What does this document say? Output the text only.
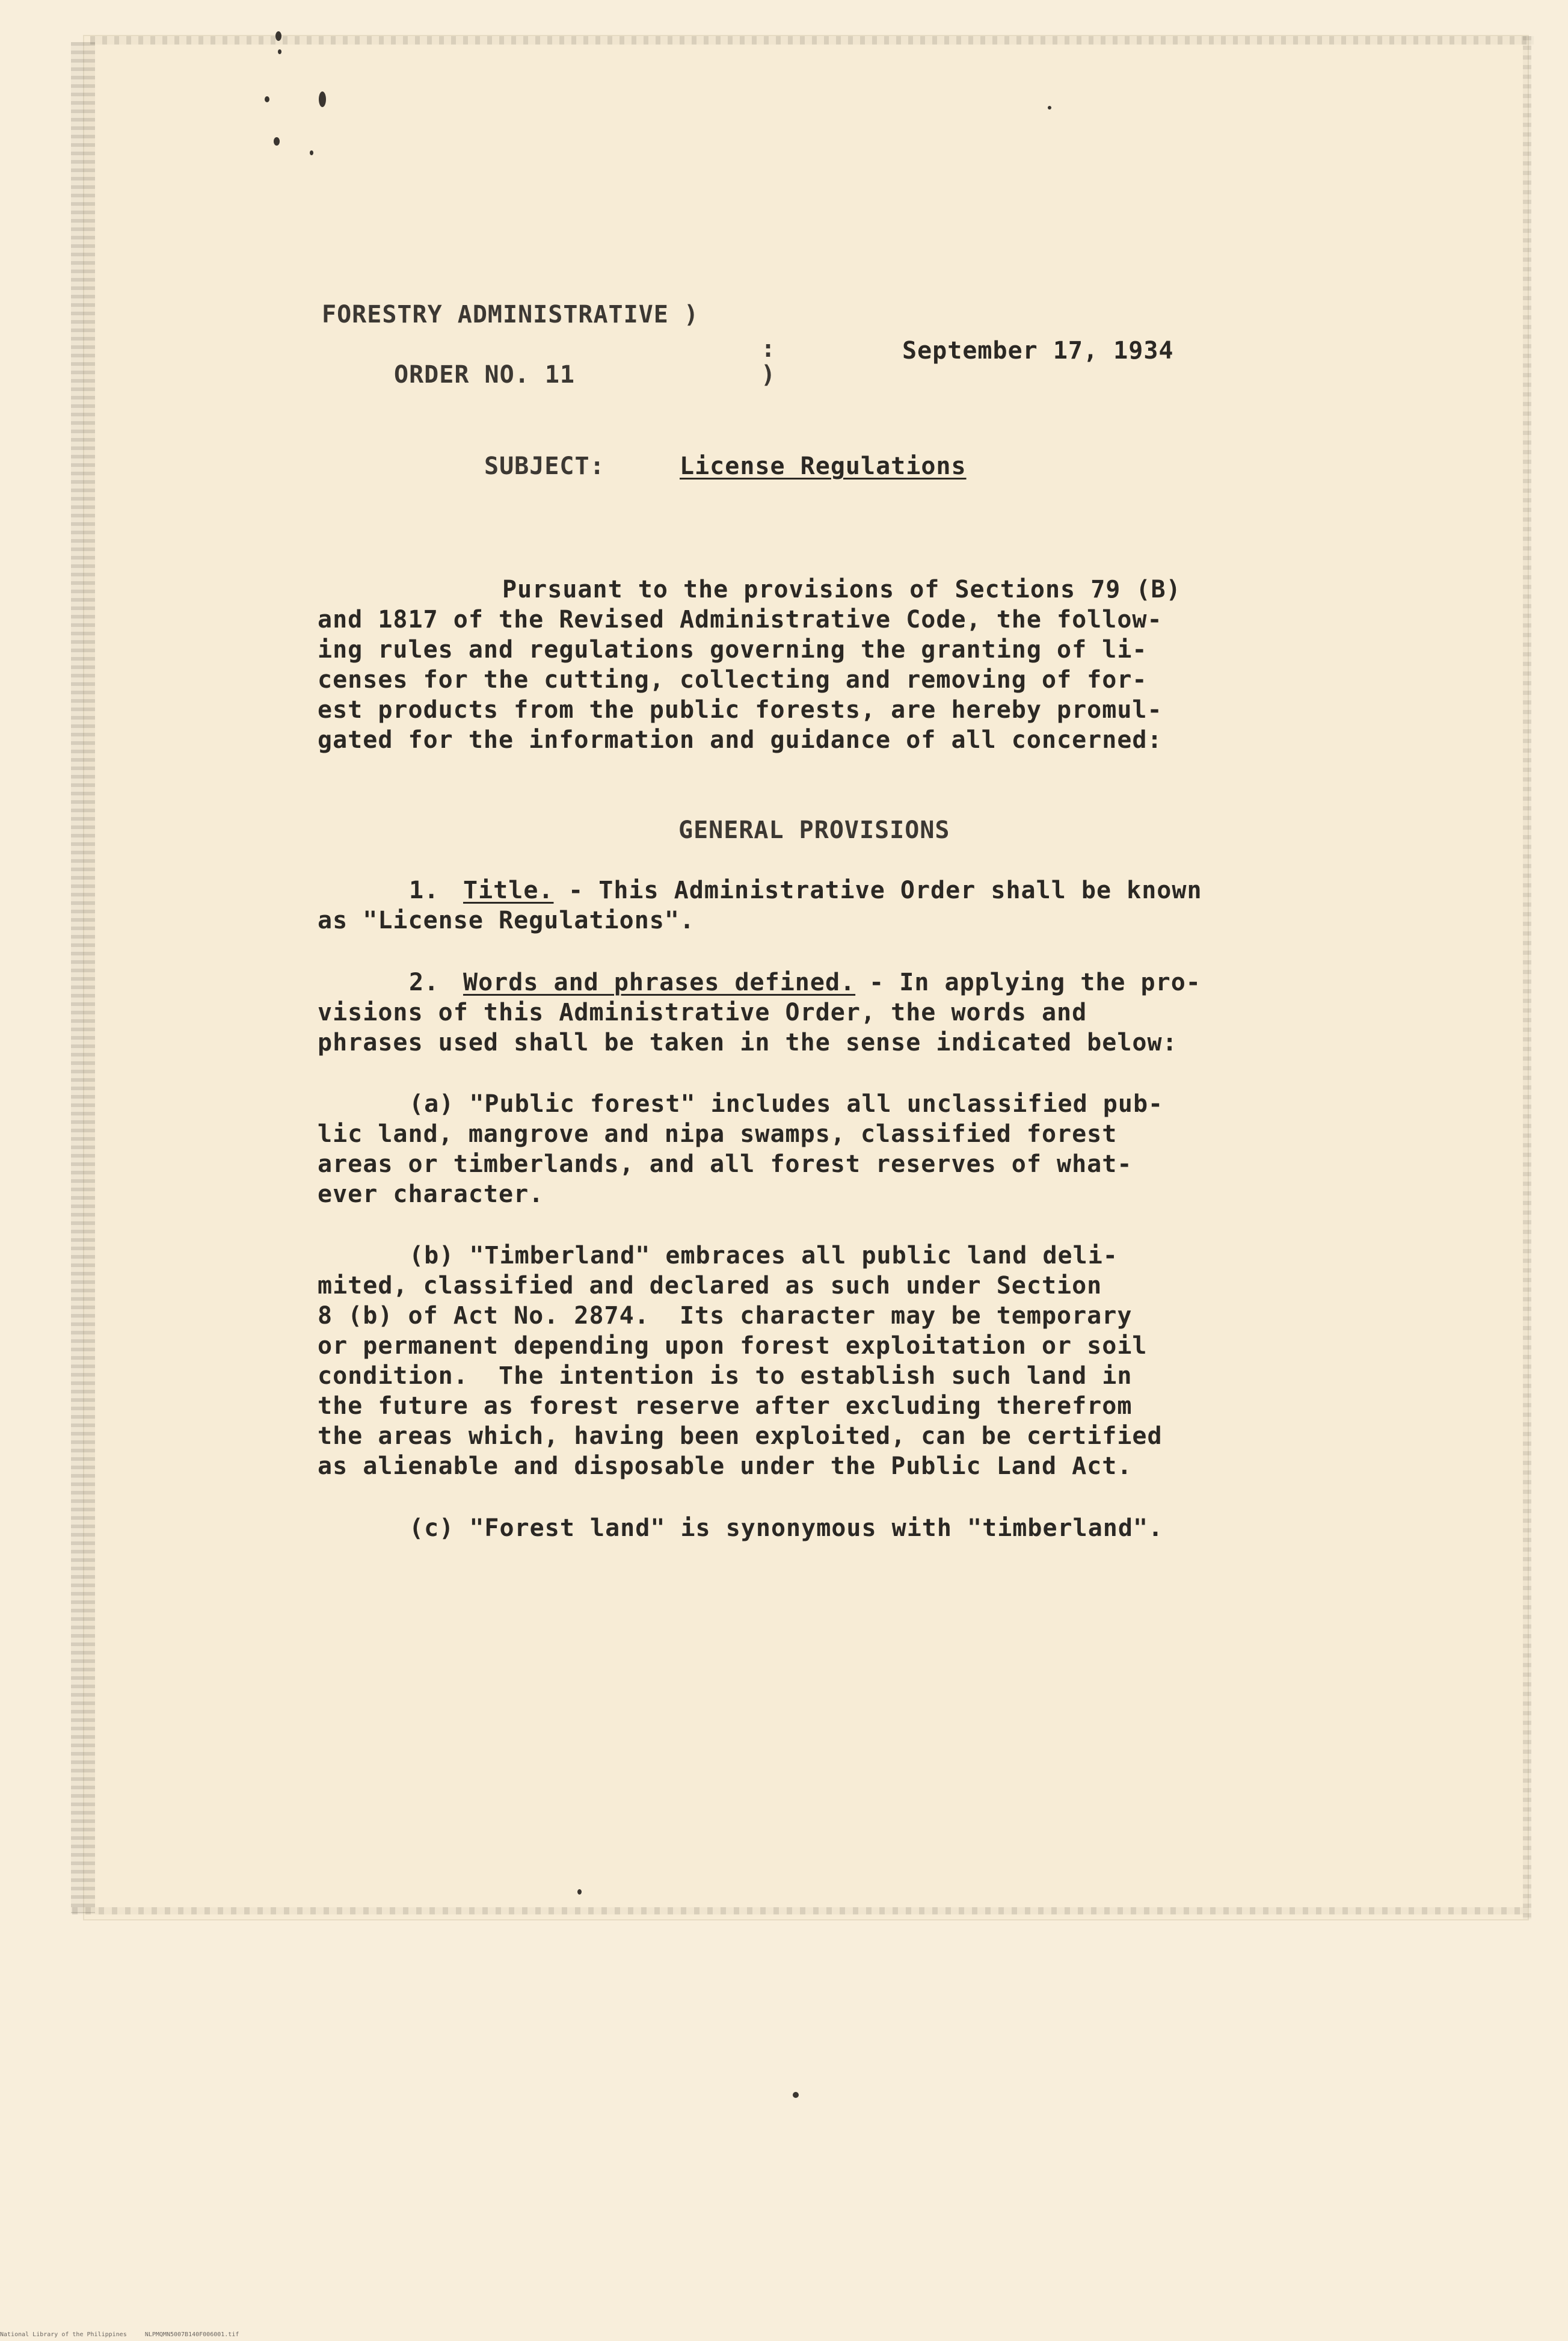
FORESTRY ADMINISTRATIVE )
:
ORDER NO. 11	)
September 17, 1934
SUBJECT:	License Regulations
Pursuant to the provisions of Sections 79 (B)
and 1817 of the Revised Administrative Code, the follow-
ing rules and regulations governing the granting of li-
censes for the cutting, collecting and removing of for-
est products from the public forests, are hereby promul-
gated for the information and guidance of all concerned:
GENERAL PROVISIONS
1. Title. - This Administrative Order shall be known
as "License Regulations".
2. Words and phrases defined.
- In applying the pro-
visions of this Administrative Order, the words and
phrases used shall be taken in the sense indicated below:
(a) "Public forest" includes all unclassified pub-
lic land, mangrove and nipa swamps, classified forest
areas or timberlands, and all forest reserves of what-
ever character.
(b) "Timberland" embraces all public land deli-
mited, classified and declared as such under Section
8 (b) of Act No. 2874.  Its character may be temporary
or permanent depending upon forest exploitation or soil
condition.  The intention is to establish such land in
the future as forest reserve after excluding therefrom
the areas which, having been exploited, can be certified
as alienable and disposable under the Public Land Act.
(c) "Forest land" is synonymous with "timberland".
National Library of the Philippines	NLPMQMN5007B140F006001.tif
